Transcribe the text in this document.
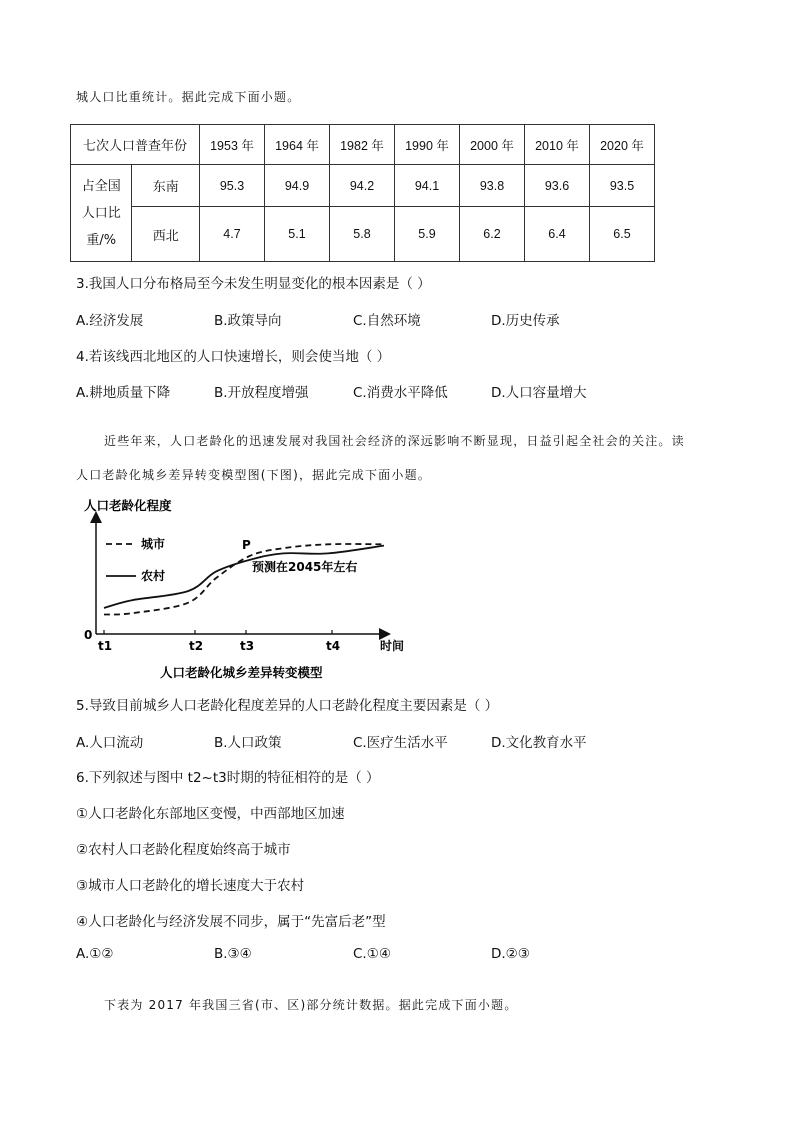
城人口比重统计。据此完成下面小题。
七次人口普查年份		1953 年	1964 年	1982 年	1990 年	2000 年	2010 年	2020 年

占全国
人口比
重/%	东南	95.3	94.9	94.2	94.1	93.8	93.6	93.5
	西北	4.7	5.1	5.8	5.9	6.2	6.4	6.5
3.我国人口分布格局至今未发生明显变化的根本因素是（ ）
A.经济发展	B.政策导向	C.自然环境	D.历史传承
4.若该线西北地区的人口快速增长，则会使当地（ ）
A.耕地质量下降	B.开放程度增强	C.消费水平降低	D.人口容量增大
近些年来，人口老龄化的迅速发展对我国社会经济的深远影响不断显现，日益引起全社会的关注。读
人口老龄化城乡差异转变模型图(下图)，据此完成下面小题。
人口老龄化程度
时间
0
t1	t2	t3	t4
城市
农村
P
预测在2045年左右
人口老龄化城乡差异转变模型
5.导致目前城乡人口老龄化程度差异的人口老龄化程度主要因素是（ ）
A.人口流动	B.人口政策	C.医疗生活水平	D.文化教育水平
6.下列叙述与图中 t2~t3时期的特征相符的是（ ）
①人口老龄化东部地区变慢，中西部地区加速
②农村人口老龄化程度始终高于城市
③城市人口老龄化的增长速度大于农村
④人口老龄化与经济发展不同步，属于“先富后老”型
A.①②	B.③④	C.①④	D.②③
下表为 2017 年我国三省(市、区)部分统计数据。据此完成下面小题。
